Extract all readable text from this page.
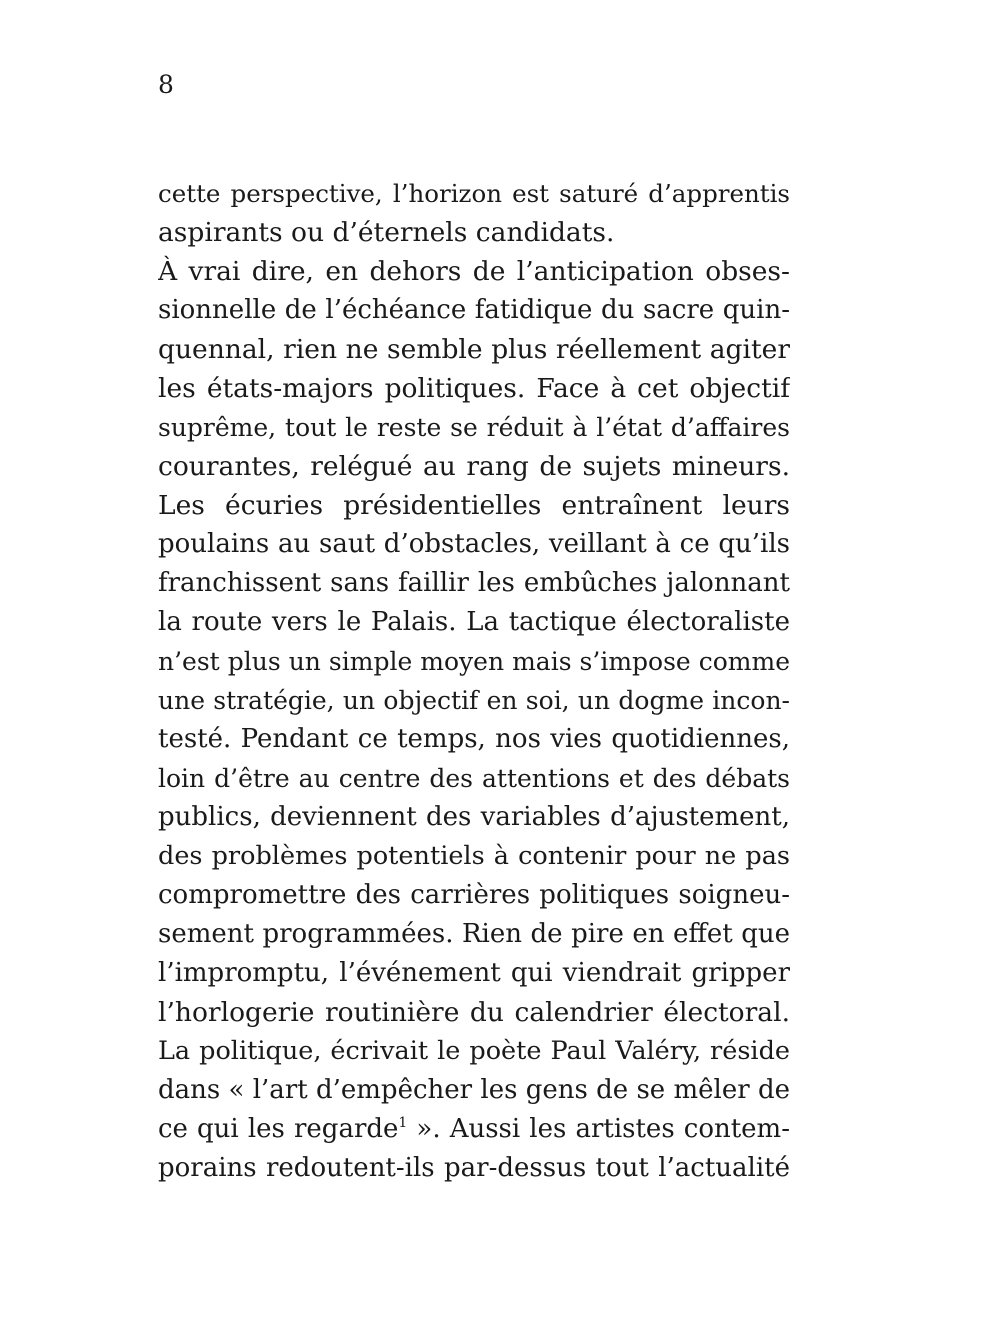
8
cette perspective, l’horizon est saturé d’apprentis
aspirants ou d’éternels candidats.
À vrai dire, en dehors de l’anticipation obses-
sionnelle de l’échéance fatidique du sacre quin-
quennal, rien ne semble plus réellement agiter
les états-majors politiques. Face à cet objectif
suprême, tout le reste se réduit à l’état d’affaires
courantes, relégué au rang de sujets mineurs.
Les écuries présidentielles entraînent leurs
poulains au saut d’obstacles, veillant à ce qu’ils
franchissent sans faillir les embûches jalonnant
la route vers le Palais. La tactique électoraliste
n’est plus un simple moyen mais s’impose comme
une stratégie, un objectif en soi, un dogme incon-
testé. Pendant ce temps, nos vies quotidiennes,
loin d’être au centre des attentions et des débats
publics, deviennent des variables d’ajustement,
des problèmes potentiels à contenir pour ne pas
compromettre des carrières politiques soigneu-
sement programmées. Rien de pire en effet que
l’impromptu, l’événement qui viendrait gripper
l’horlogerie routinière du calendrier électoral.
La politique, écrivait le poète Paul Valéry, réside
dans « l’art d’empêcher les gens de se mêler de
ce qui les regarde$^1$ ». Aussi les artistes contem-
porains redoutent-ils par-dessus tout l’actualité
